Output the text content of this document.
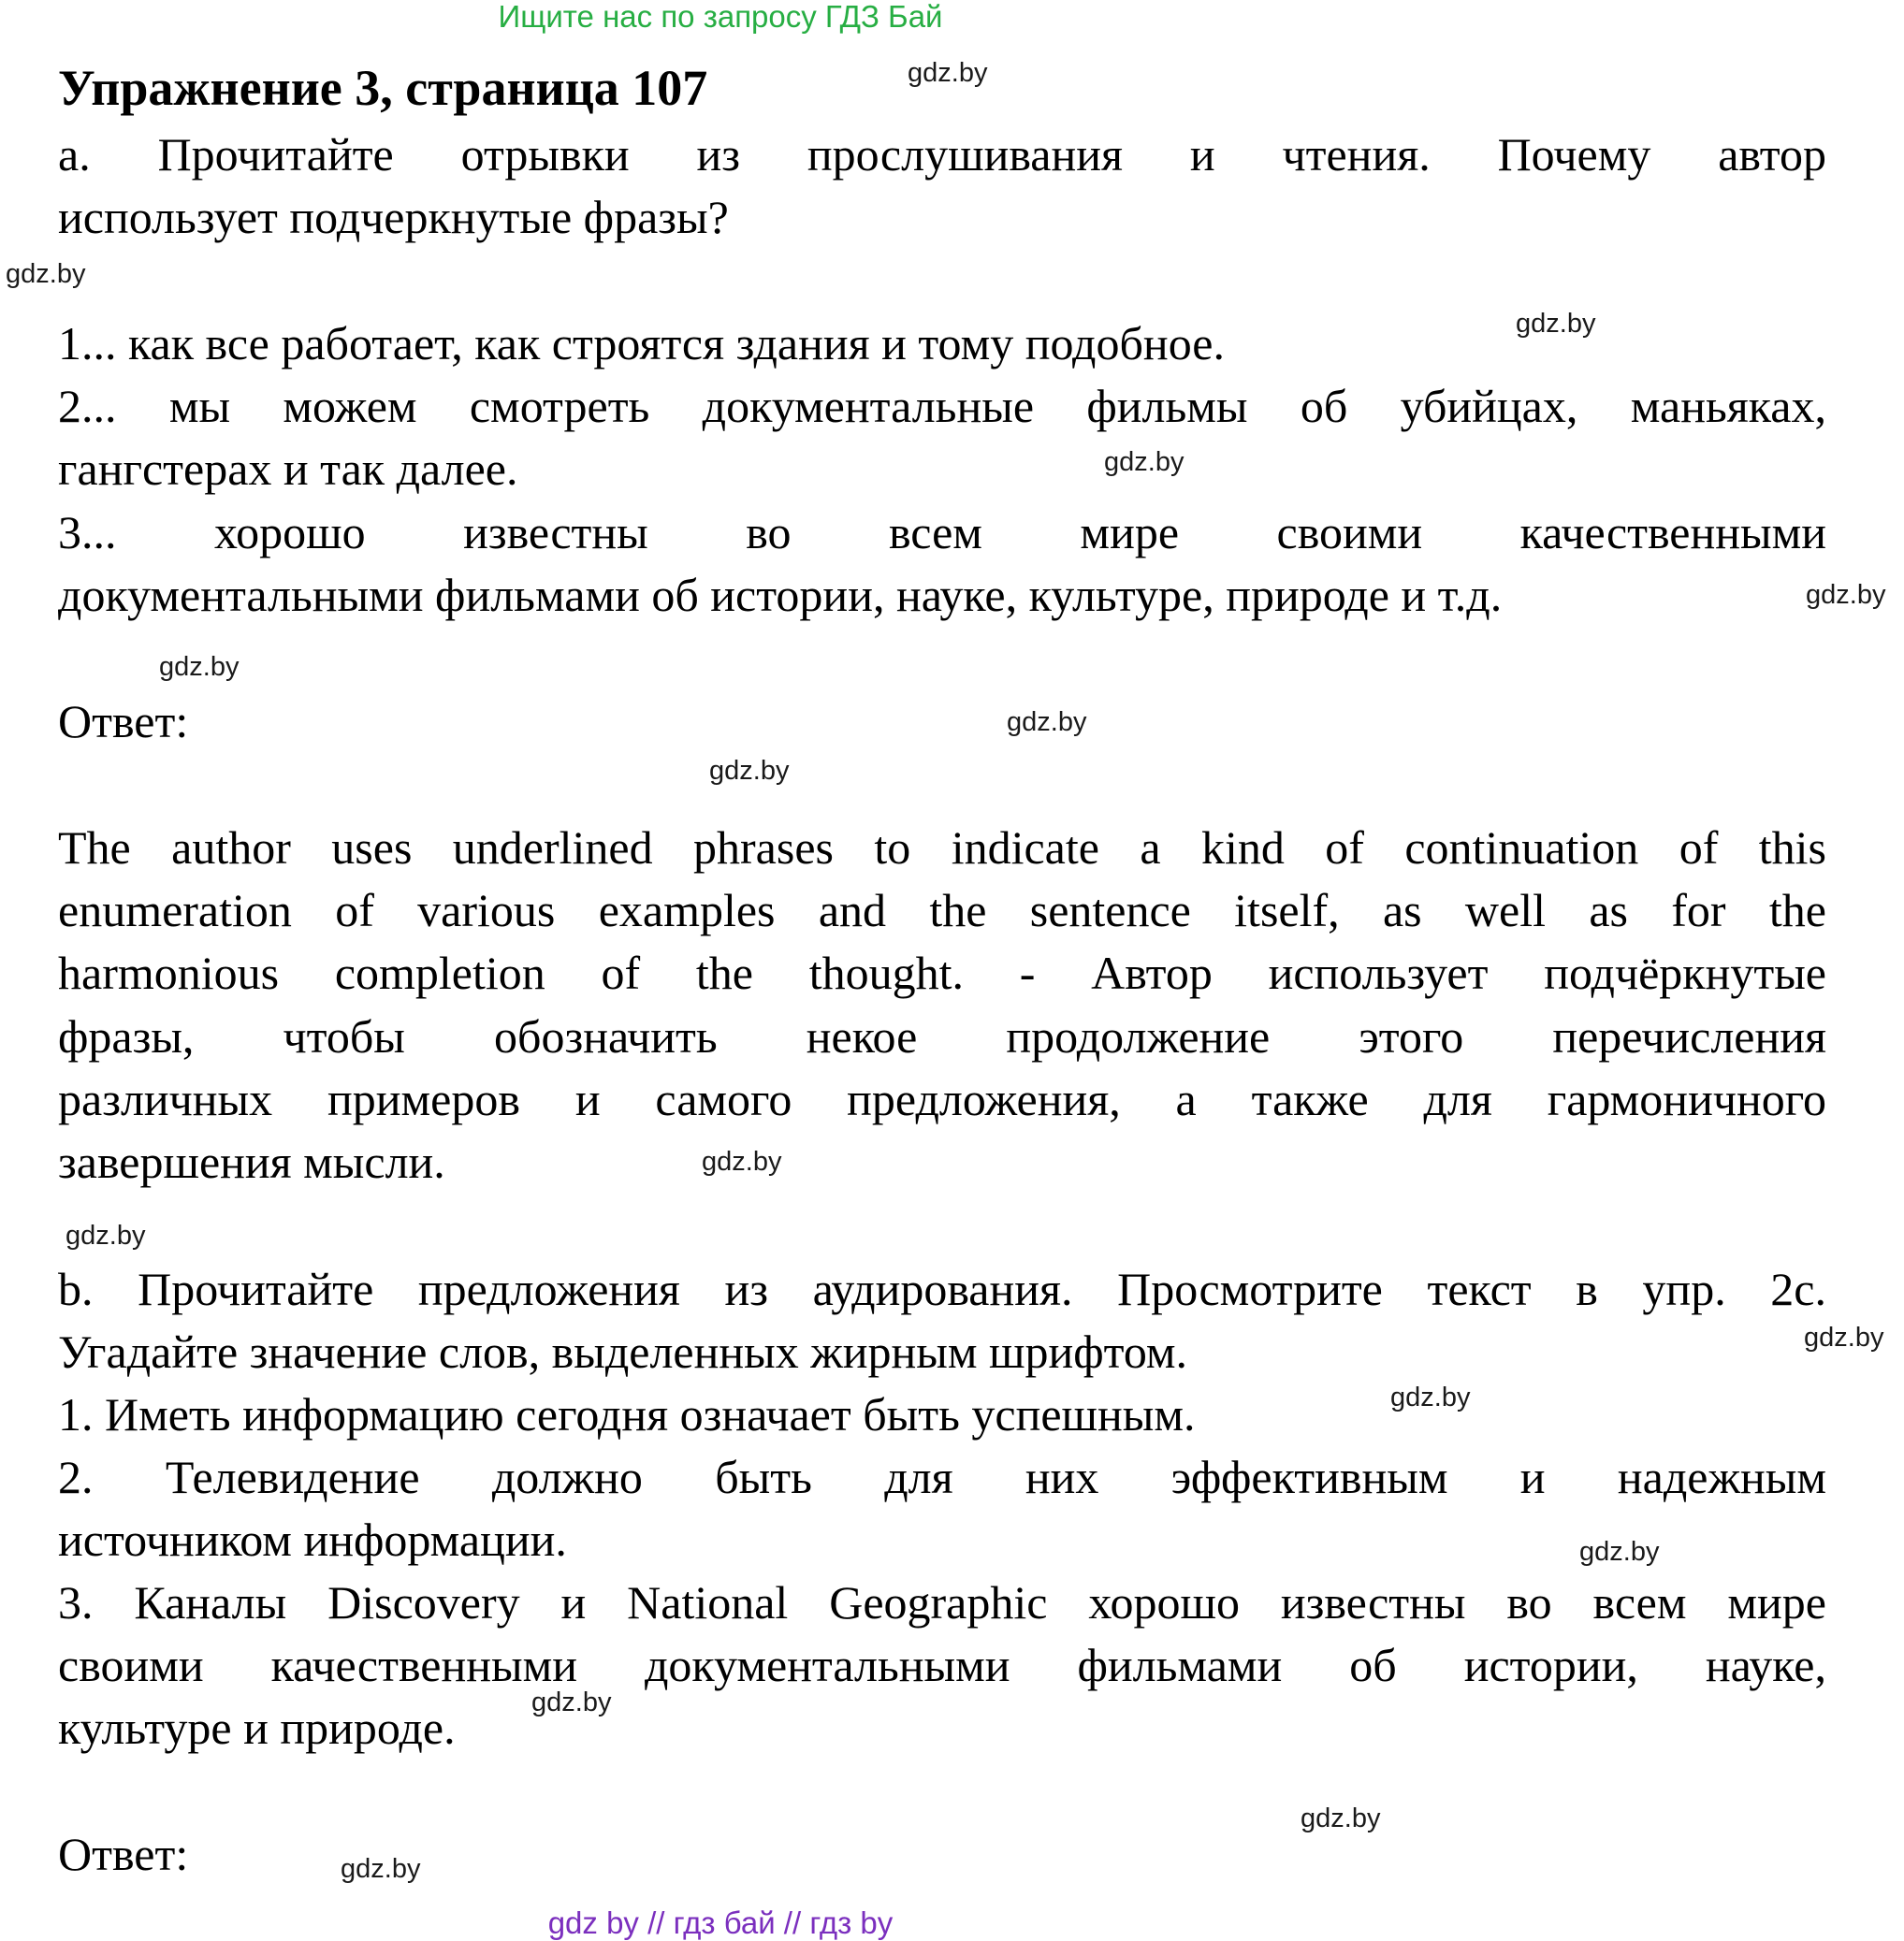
Ищите нас по запросу ГДЗ Бай
Упражнение 3, страница 107
a. Прочитайте отрывки из прослушивания и чтения. Почему автор
использует подчеркнутые фразы?
1... как все работает, как строятся здания и тому подобное.
2... мы можем смотреть документальные фильмы об убийцах, маньяках,
гангстерах и так далее.
3... хорошо известны во всем мире своими качественными
документальными фильмами об истории, науке, культуре, природе и т.д.
Ответ:
The author uses underlined phrases to indicate a kind of continuation of this
enumeration of various examples and the sentence itself, as well as for the
harmonious completion of the thought. - Автор использует подчёркнутые
фразы, чтобы обозначить некое продолжение этого перечисления
различных примеров и самого предложения, а также для гармоничного
завершения мысли.
b. Прочитайте предложения из аудирования. Просмотрите текст в упр. 2с.
Угадайте значение слов, выделенных жирным шрифтом.
1. Иметь информацию сегодня означает быть успешным.
2. Телевидение должно быть для них эффективным и надежным
источником информации.
3. Каналы Discovery и National Geographic хорошо известны во всем мире
своими качественными документальными фильмами об истории, науке,
культуре и природе.
Ответ:
gdz.by
gdz.by
gdz.by
gdz.by
gdz.by
gdz.by
gdz.by
gdz.by
gdz.by
gdz.by
gdz.by
gdz.by
gdz.by
gdz.by
gdz.by
gdz.by
gdz by // гдз бай // гдз by
